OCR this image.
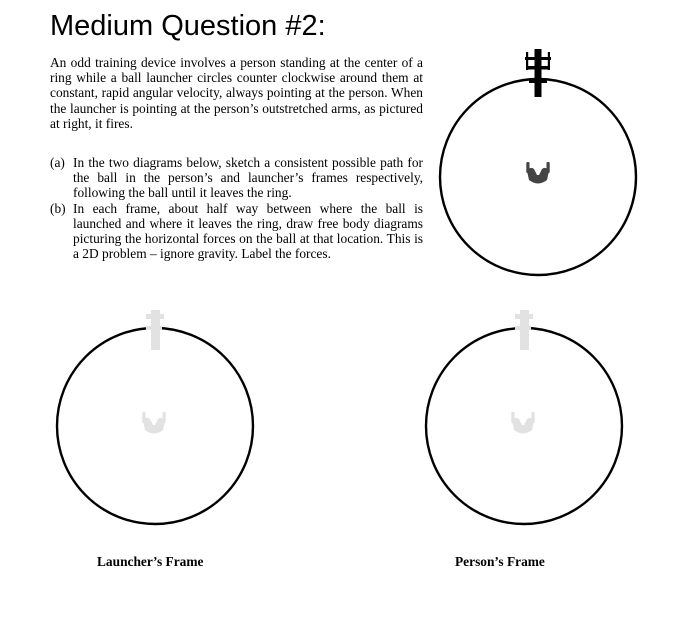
Medium Question #2:

An odd training device involves a person standing at the center of a ring while a ball launcher circles counter clockwise around them at constant, rapid angular velocity, always pointing at the person. When the launcher is pointing at the person’s outstretched arms, as pictured at right, it fires.

(a) In the two diagrams below, sketch a consistent possible path for the ball in the person’s and launcher’s frames respectively, following the ball until it leaves the ring.
(b) In each frame, about half way between where the ball is launched and where it leaves the ring, draw free body diagrams picturing the horizontal forces on the ball at that location. This is a 2D problem – ignore gravity. Label the forces.
Launcher’s Frame	Person’s Frame
